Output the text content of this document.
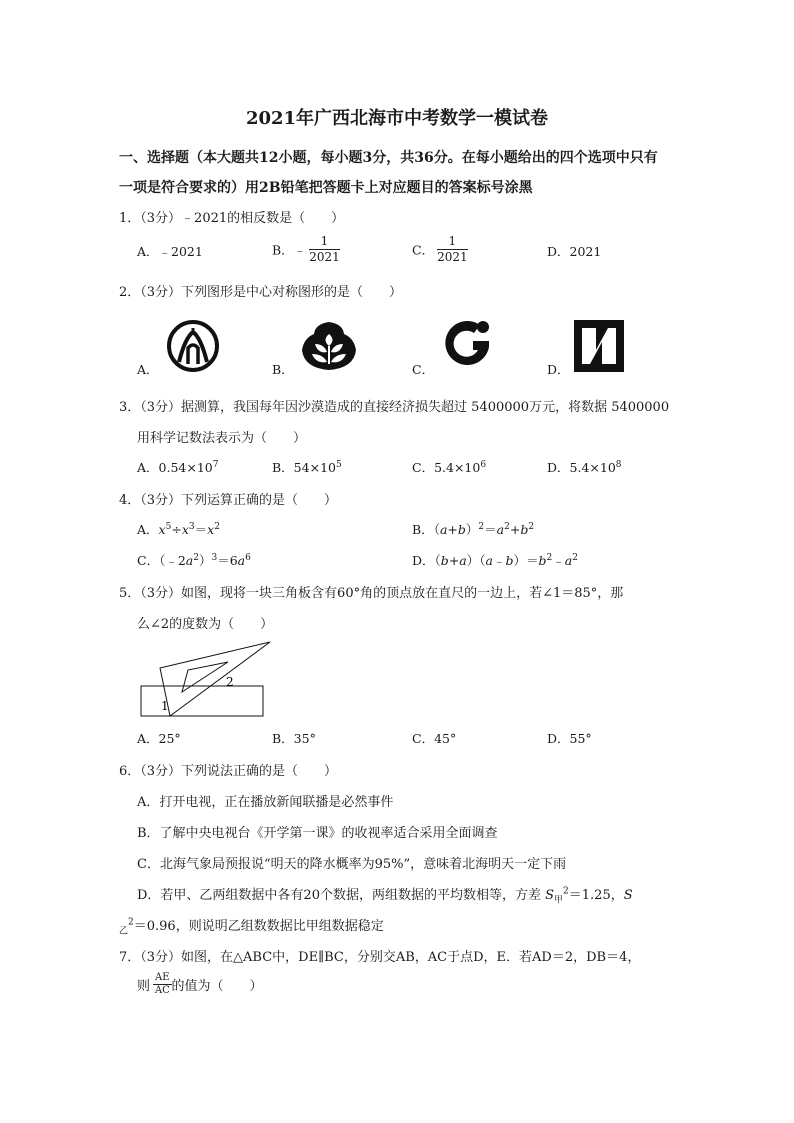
2021年广西北海市中考数学一模试卷
一、选择题（本大题共12小题，每小题3分，共36分。在每小题给出的四个选项中只有
一项是符合要求的）用2B铅笔把答题卡上对应题目的答案标号涂黑
1．（3分）﹣2021的相反数是（　　）
A．﹣2021	B．﹣ $\frac{1}{2021}$	C． $\frac{1}{2021}$	D．2021
2．（3分）下列图形是中心对称图形的是（　　）
A．	B．	C．	D．
3．（3分）据测算，我国每年因沙漠造成的直接经济损失超过 5400000万元，将数据 5400000
用科学记数法表示为（　　）
A．$0.54\times 10^7$	B．$54\times 10^5$	C．$5.4\times 10^6$	D．$5.4\times 10^8$
4．（3分）下列运算正确的是（　　）
A．$x^5\div x^3=x^2$	B．$(a+b)^2=a^2+b^2$
C．$(﹣2a^2)^3=6a^6$	D．$(b+a)(a﹣b)=b^2﹣a^2$
5．（3分）如图，现将一块三角板含有60°角的顶点放在直尺的一边上，若∠1＝85°，那
么∠2的度数为（　　）
1
2
A．25°	B．35°	C．45°	D．55°
6．（3分）下列说法正确的是（　　）
A．打开电视，正在播放新闻联播是必然事件
B．了解中央电视台《开学第一课》的收视率适合采用全面调查
C．北海气象局预报说“明天的降水概率为95%”，意味着北海明天一定下雨
D．若甲、乙两组数据中各有20个数据，两组数据的平均数相等，方差 $S_甲^2=1.25$，S
$_乙^2$＝0.96，则说明乙组数数据比甲组数据稳定
7．（3分）如图，在△ABC中，DE∥BC，分别交AB，AC于点D，E．若AD＝2，DB＝4，
则 $\frac{AE}{AC}$ 的值为（　　）
